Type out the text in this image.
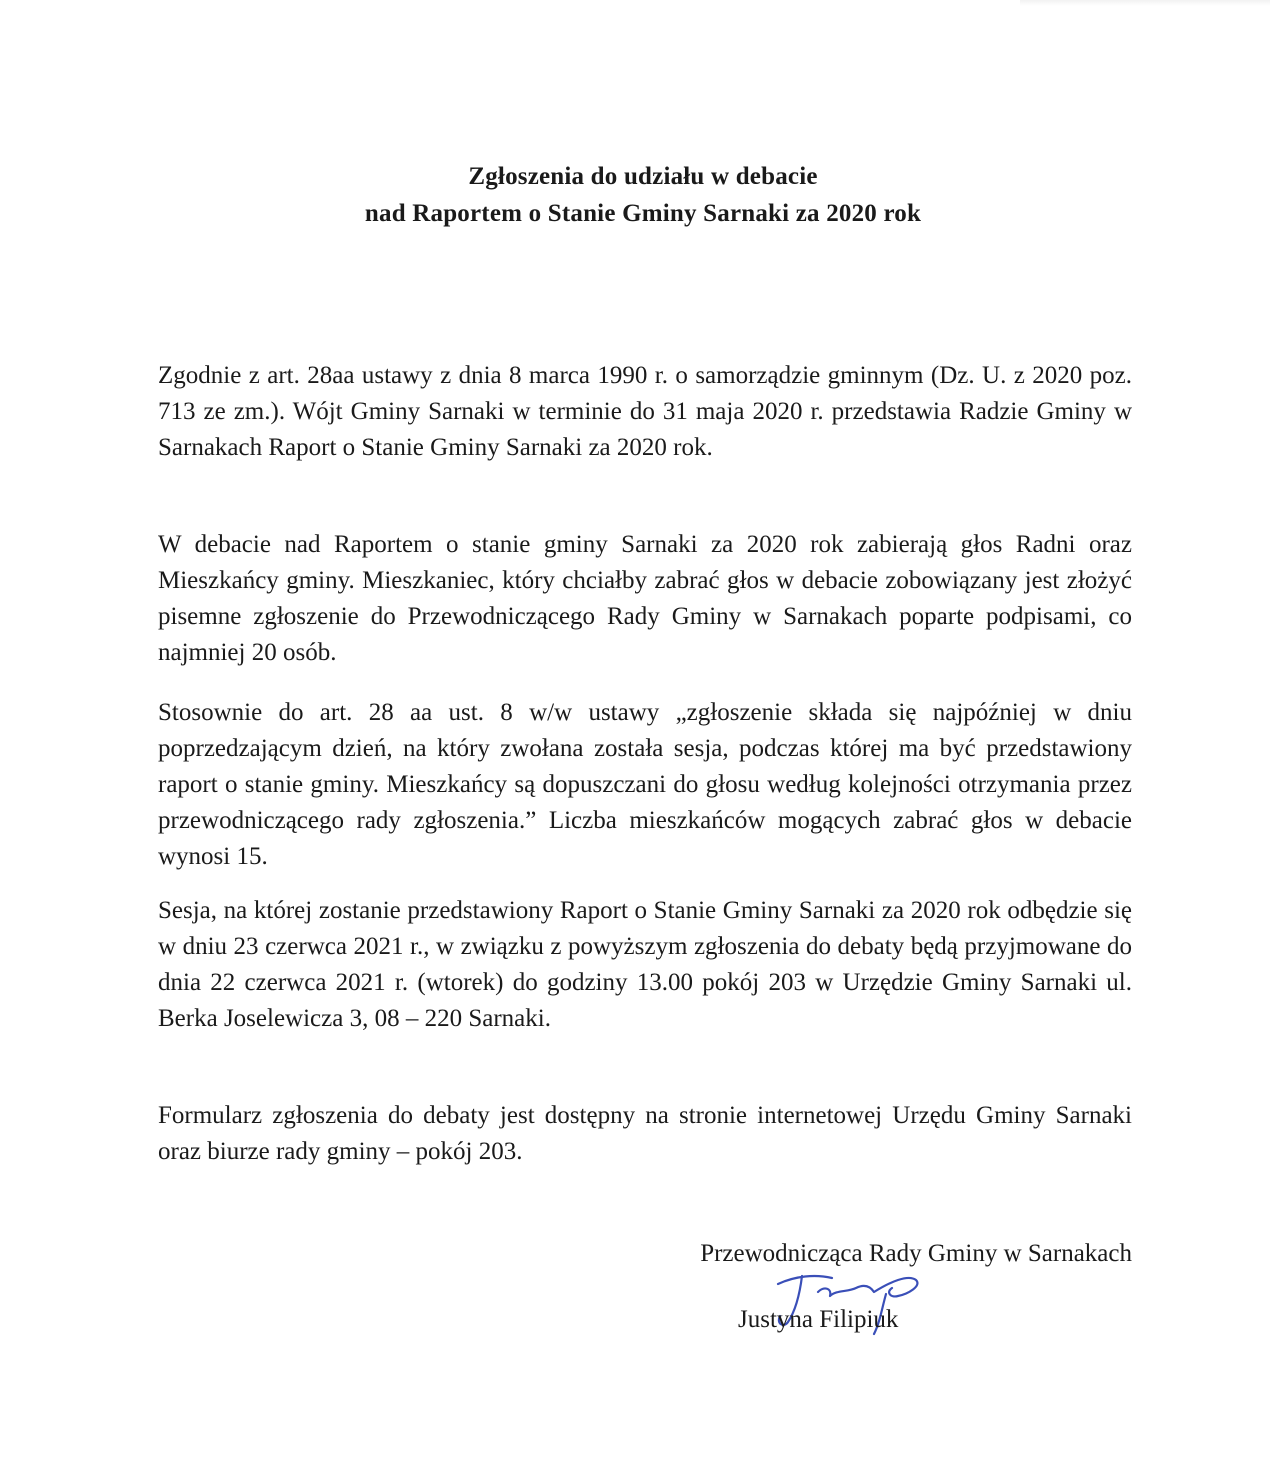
Zgłoszenia do udziału w debacie
nad Raportem o Stanie Gminy Sarnaki za 2020 rok

Zgodnie z art. 28aa ustawy z dnia 8 marca 1990 r. o samorządzie gminnym (Dz. U. z 2020 poz. 713 ze zm.). Wójt Gminy Sarnaki w terminie do 31 maja 2020 r. przedstawia Radzie Gminy w Sarnakach Raport o Stanie Gminy Sarnaki za 2020 rok.

W debacie nad Raportem o stanie gminy Sarnaki za 2020 rok zabierają głos Radni oraz Mieszkańcy gminy. Mieszkaniec, który chciałby zabrać głos w debacie zobowiązany jest złożyć pisemne zgłoszenie do Przewodniczącego Rady Gminy w Sarnakach poparte podpisami, co najmniej 20 osób.

Stosownie do art. 28 aa ust. 8 w/w ustawy „zgłoszenie składa się najpóźniej w dniu poprzedzającym dzień, na który zwołana została sesja, podczas której ma być przedstawiony raport o stanie gminy. Mieszkańcy są dopuszczani do głosu według kolejności otrzymania przez przewodniczącego rady zgłoszenia.” Liczba mieszkańców mogących zabrać głos w debacie wynosi 15.

Sesja, na której zostanie przedstawiony Raport o Stanie Gminy Sarnaki za 2020 rok odbędzie się w dniu 23 czerwca 2021 r., w związku z powyższym zgłoszenia do debaty będą przyjmowane do dnia 22 czerwca 2021 r. (wtorek) do godziny 13.00 pokój 203 w Urzędzie Gminy Sarnaki ul. Berka Joselewicza 3, 08 – 220 Sarnaki.

Formularz zgłoszenia do debaty jest dostępny na stronie internetowej Urzędu Gminy Sarnaki oraz biurze rady gminy – pokój 203.

Przewodnicząca Rady Gminy w Sarnakach
Justyna Filipiuk
